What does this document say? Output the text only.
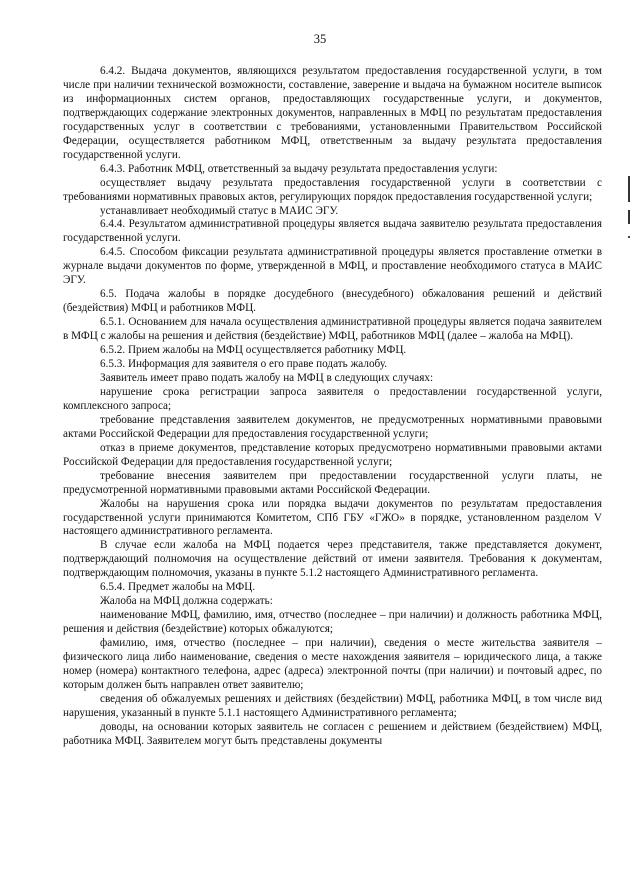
35

6.4.2. Выдача документов, являющихся результатом предоставления государственной услуги, в том числе при наличии технической возможности, составление, заверение и выдача на бумажном носителе выписок из информационных систем органов, предоставляющих государственные услуги, и документов, подтверждающих содержание электронных документов, направленных в МФЦ по результатам предоставления государственных услуг в соответствии с требованиями, установленными Правительством Российской Федерации, осуществляется работником МФЦ, ответственным за выдачу результата предоставления государственной услуги.

6.4.3. Работник МФЦ, ответственный за выдачу результата предоставления услуги:

осуществляет выдачу результата предоставления государственной услуги в соответствии с требованиями нормативных правовых актов, регулирующих порядок предоставления государственной услуги;

устанавливает необходимый статус в МАИС ЭГУ.

6.4.4. Результатом административной процедуры является выдача заявителю результата предоставления государственной услуги.

6.4.5. Способом фиксации результата административной процедуры является проставление отметки в журнале выдачи документов по форме, утвержденной в МФЦ, и проставление необходимого статуса в МАИС ЭГУ.

6.5. Подача жалобы в порядке досудебного (внесудебного) обжалования решений и действий (бездействия) МФЦ и работников МФЦ.

6.5.1. Основанием для начала осуществления административной процедуры является подача заявителем в МФЦ с жалобы на решения и действия (бездействие) МФЦ, работников МФЦ (далее – жалоба на МФЦ).

6.5.2. Прием жалобы на МФЦ осуществляется работнику МФЦ.

6.5.3. Информация для заявителя о его праве подать жалобу.

Заявитель имеет право подать жалобу на МФЦ в следующих случаях:

нарушение срока регистрации запроса заявителя о предоставлении государственной услуги, комплексного запроса;

требование представления заявителем документов, не предусмотренных нормативными правовыми актами Российской Федерации для предоставления государственной услуги;

отказ в приеме документов, представление которых предусмотрено нормативными правовыми актами Российской Федерации для предоставления государственной услуги;

требование внесения заявителем при предоставлении государственной услуги платы, не предусмотренной нормативными правовыми актами Российской Федерации.

Жалобы на нарушения срока или порядка выдачи документов по результатам предоставления государственной услуги принимаются Комитетом, СПб ГБУ «ГЖО» в порядке, установленном разделом V настоящего административного регламента.

В случае если жалоба на МФЦ подается через представителя, также представляется документ, подтверждающий полномочия на осуществление действий от имени заявителя. Требования к документам, подтверждающим полномочия, указаны в пункте 5.1.2 настоящего Административного регламента.

6.5.4. Предмет жалобы на МФЦ.

Жалоба на МФЦ должна содержать:

наименование МФЦ, фамилию, имя, отчество (последнее – при наличии) и должность работника МФЦ, решения и действия (бездействие) которых обжалуются;

фамилию, имя, отчество (последнее – при наличии), сведения о месте жительства заявителя – физического лица либо наименование, сведения о месте нахождения заявителя – юридического лица, а также номер (номера) контактного телефона, адрес (адреса) электронной почты (при наличии) и почтовый адрес, по которым должен быть направлен ответ заявителю;

сведения об обжалуемых решениях и действиях (бездействии) МФЦ, работника МФЦ, в том числе вид нарушения, указанный в пункте 5.1.1 настоящего Административного регламента;

доводы, на основании которых заявитель не согласен с решением и действием (бездействием) МФЦ, работника МФЦ. Заявителем могут быть представлены документы
